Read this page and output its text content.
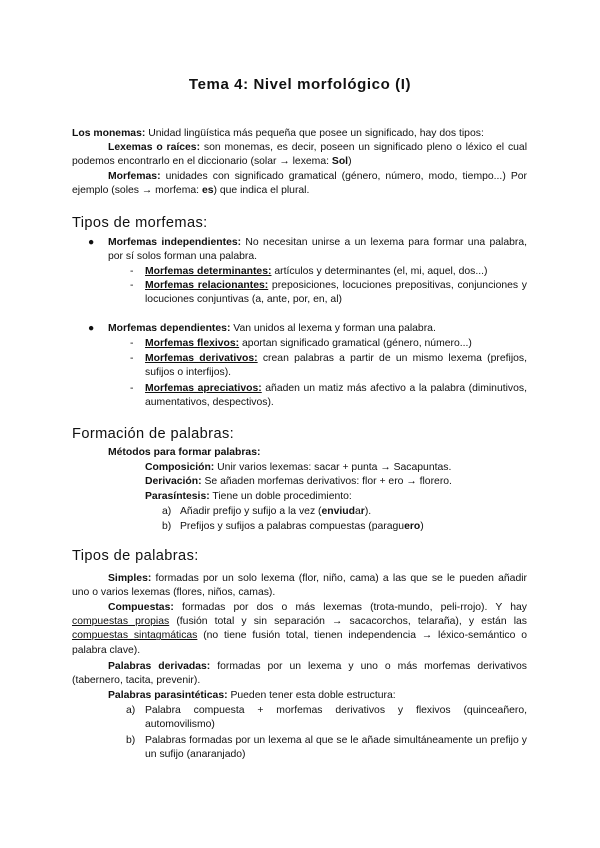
Tema 4: Nivel morfológico (I)

Los monemas: Unidad lingüística más pequeña que posee un significado, hay dos tipos:

Lexemas o raíces: son monemas, es decir, poseen un significado pleno o léxico el cual podemos encontrarlo en el diccionario (solar → lexema: Sol)

Morfemas: unidades con significado gramatical (género, número, modo, tiempo...) Por ejemplo (soles → morfema: es) que indica el plural.

Tipos de morfemas:
● Morfemas independientes: No necesitan unirse a un lexema para formar una palabra, por sí solos forman una palabra.

-	Morfemas determinantes: artículos y determinantes (el, mi, aquel, dos...)

-	Morfemas relacionantes: preposiciones, locuciones prepositivas, conjunciones y locuciones conjuntivas (a, ante, por, en, al)

● Morfemas dependientes: Van unidos al lexema y forman una palabra.

-	Morfemas flexivos: aportan significado gramatical (género, número...)

-	Morfemas derivativos: crean palabras a partir de un mismo lexema (prefijos, sufijos o interfijos).

-	Morfemas apreciativos: añaden un matiz más afectivo a la palabra (diminutivos, aumentativos, despectivos).

Formación de palabras:

Métodos para formar palabras:

Composición: Unir varios lexemas: sacar + punta → Sacapuntas.

Derivación: Se añaden morfemas derivativos: flor + ero → florero.

Parasíntesis: Tiene un doble procedimiento:

a) Añadir prefijo y sufijo a la vez (enviudar).

b) Prefijos y sufijos a palabras compuestas (paraguero)

Tipos de palabras:

Simples: formadas por un solo lexema (flor, niño, cama) a las que se le pueden añadir uno o varios lexemas (flores, niños, camas).

Compuestas: formadas por dos o más lexemas (trota-mundo, peli-rrojo). Y hay compuestas propias (fusión total y sin separación → sacacorchos, telaraña), y están las compuestas sintagmáticas (no tiene fusión total, tienen independencia → léxico-semántico o palabra clave).

Palabras derivadas: formadas por un lexema y uno o más morfemas derivativos (tabernero, tacita, prevenir).

Palabras parasintéticas: Pueden tener esta doble estructura:

a) Palabra compuesta + morfemas derivativos y flexivos (quinceañero, automovilismo)

b) Palabras formadas por un lexema al que se le añade simultáneamente un prefijo y un sufijo (anaranjado)
